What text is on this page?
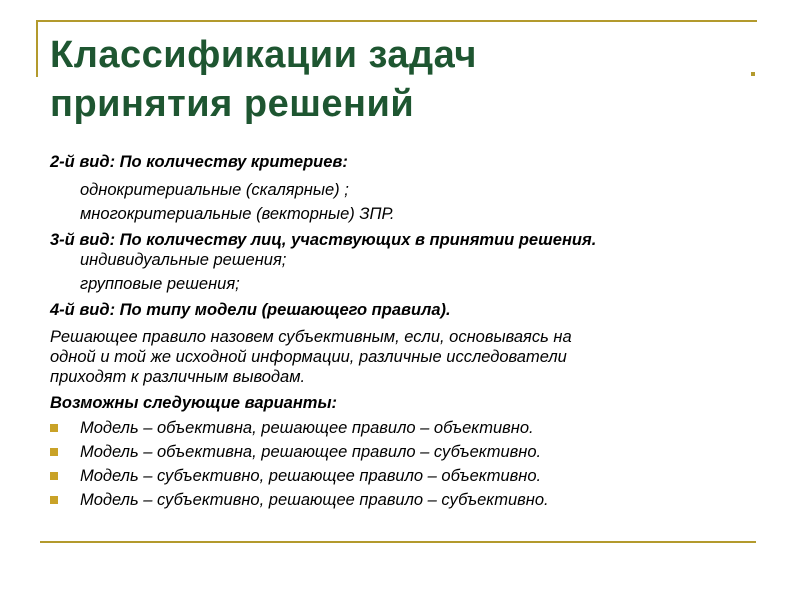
Классификации задач
принятия решений
2-й вид: По количеству критериев:
однокритериальные (скалярные) ;
многокритериальные (векторные) ЗПР.
3-й вид: По количеству лиц, участвующих в принятии решения.
индивидуальные решения;
групповые решения;
4-й вид: По типу модели (решающего правила).
Решающее правило назовем субъективным, если, основываясь на
одной и той же исходной информации, различные исследователи
приходят к различным выводам.
Возможны следующие варианты:
Модель – объективна, решающее правило – объективно.
Модель – объективна, решающее правило – субъективно.
Модель – субъективно, решающее правило – объективно.
Модель – субъективно, решающее правило – субъективно.
